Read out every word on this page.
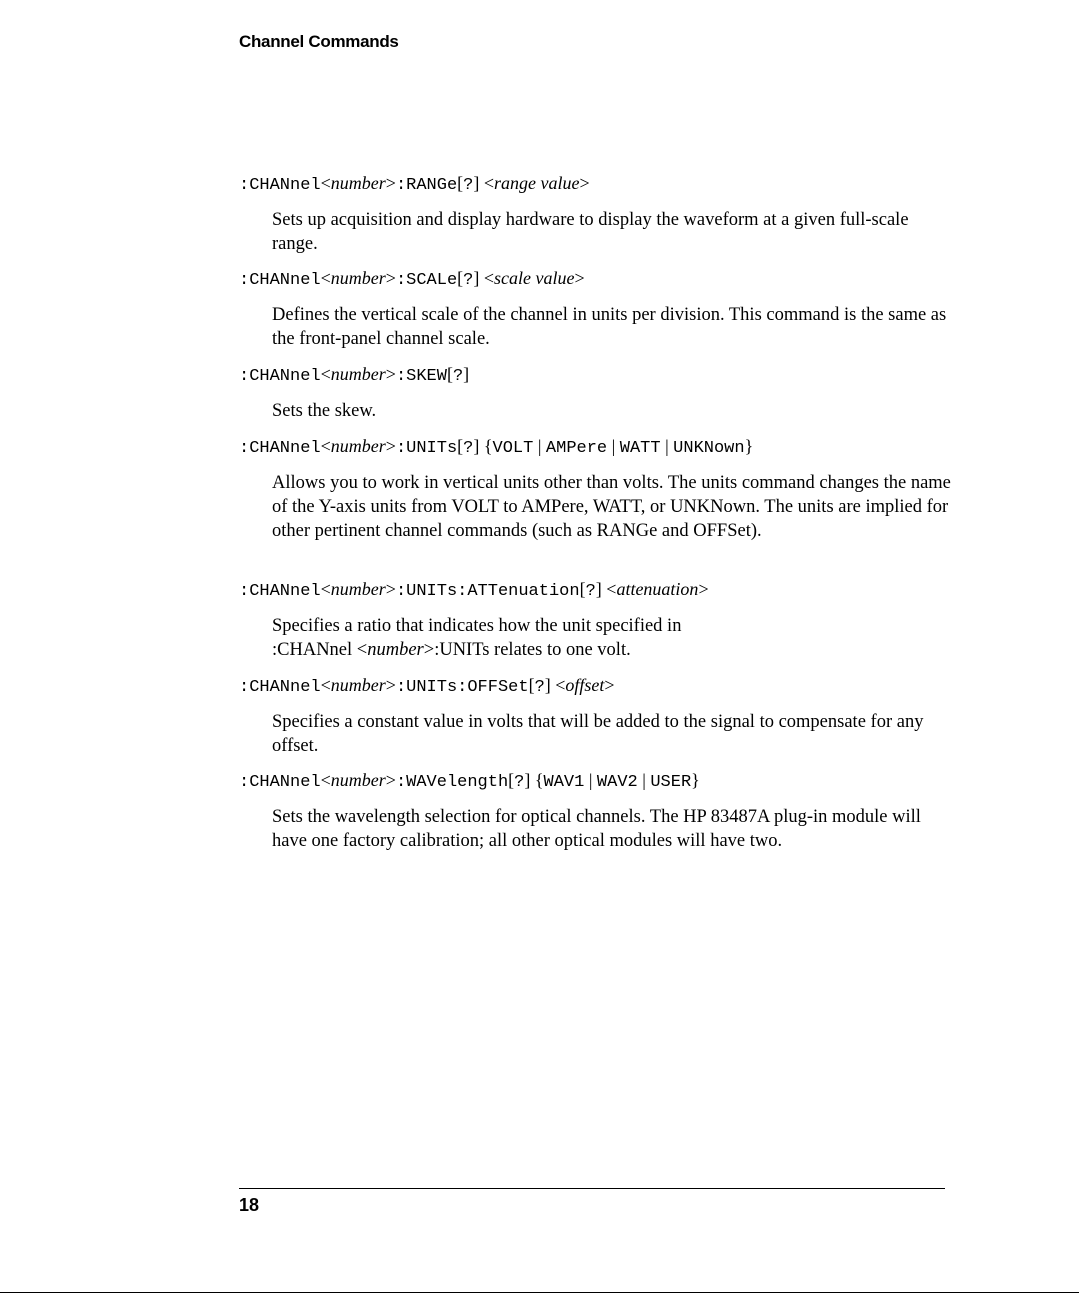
Channel Commands
:CHANnel<number>:RANGe[?] <range value>
Sets up acquisition and display hardware to display the waveform at a given full-scale range.
:CHANnel<number>:SCALe[?] <scale value>
Defines the vertical scale of the channel in units per division. This command is the same as the front-panel channel scale.
:CHANnel<number>:SKEW[?]
Sets the skew.
:CHANnel<number>:UNITs[?] {VOLT | AMPere | WATT | UNKNown}
Allows you to work in vertical units other than volts. The units command changes the name of the Y-axis units from VOLT to AMPere, WATT, or UNKNown. The units are implied for other pertinent channel commands (such as RANGe and OFFSet).
:CHANnel<number>:UNITs:ATTenuation[?] <attenuation>
Specifies a ratio that indicates how the unit specified in
:CHANnel <number>:UNITs relates to one volt.
:CHANnel<number>:UNITs:OFFSet[?] <offset>
Specifies a constant value in volts that will be added to the signal to compensate for any offset.
:CHANnel<number>:WAVelength[?] {WAV1 | WAV2 | USER}
Sets the wavelength selection for optical channels. The HP 83487A plug-in module will have one factory calibration; all other optical modules will have two.
18
